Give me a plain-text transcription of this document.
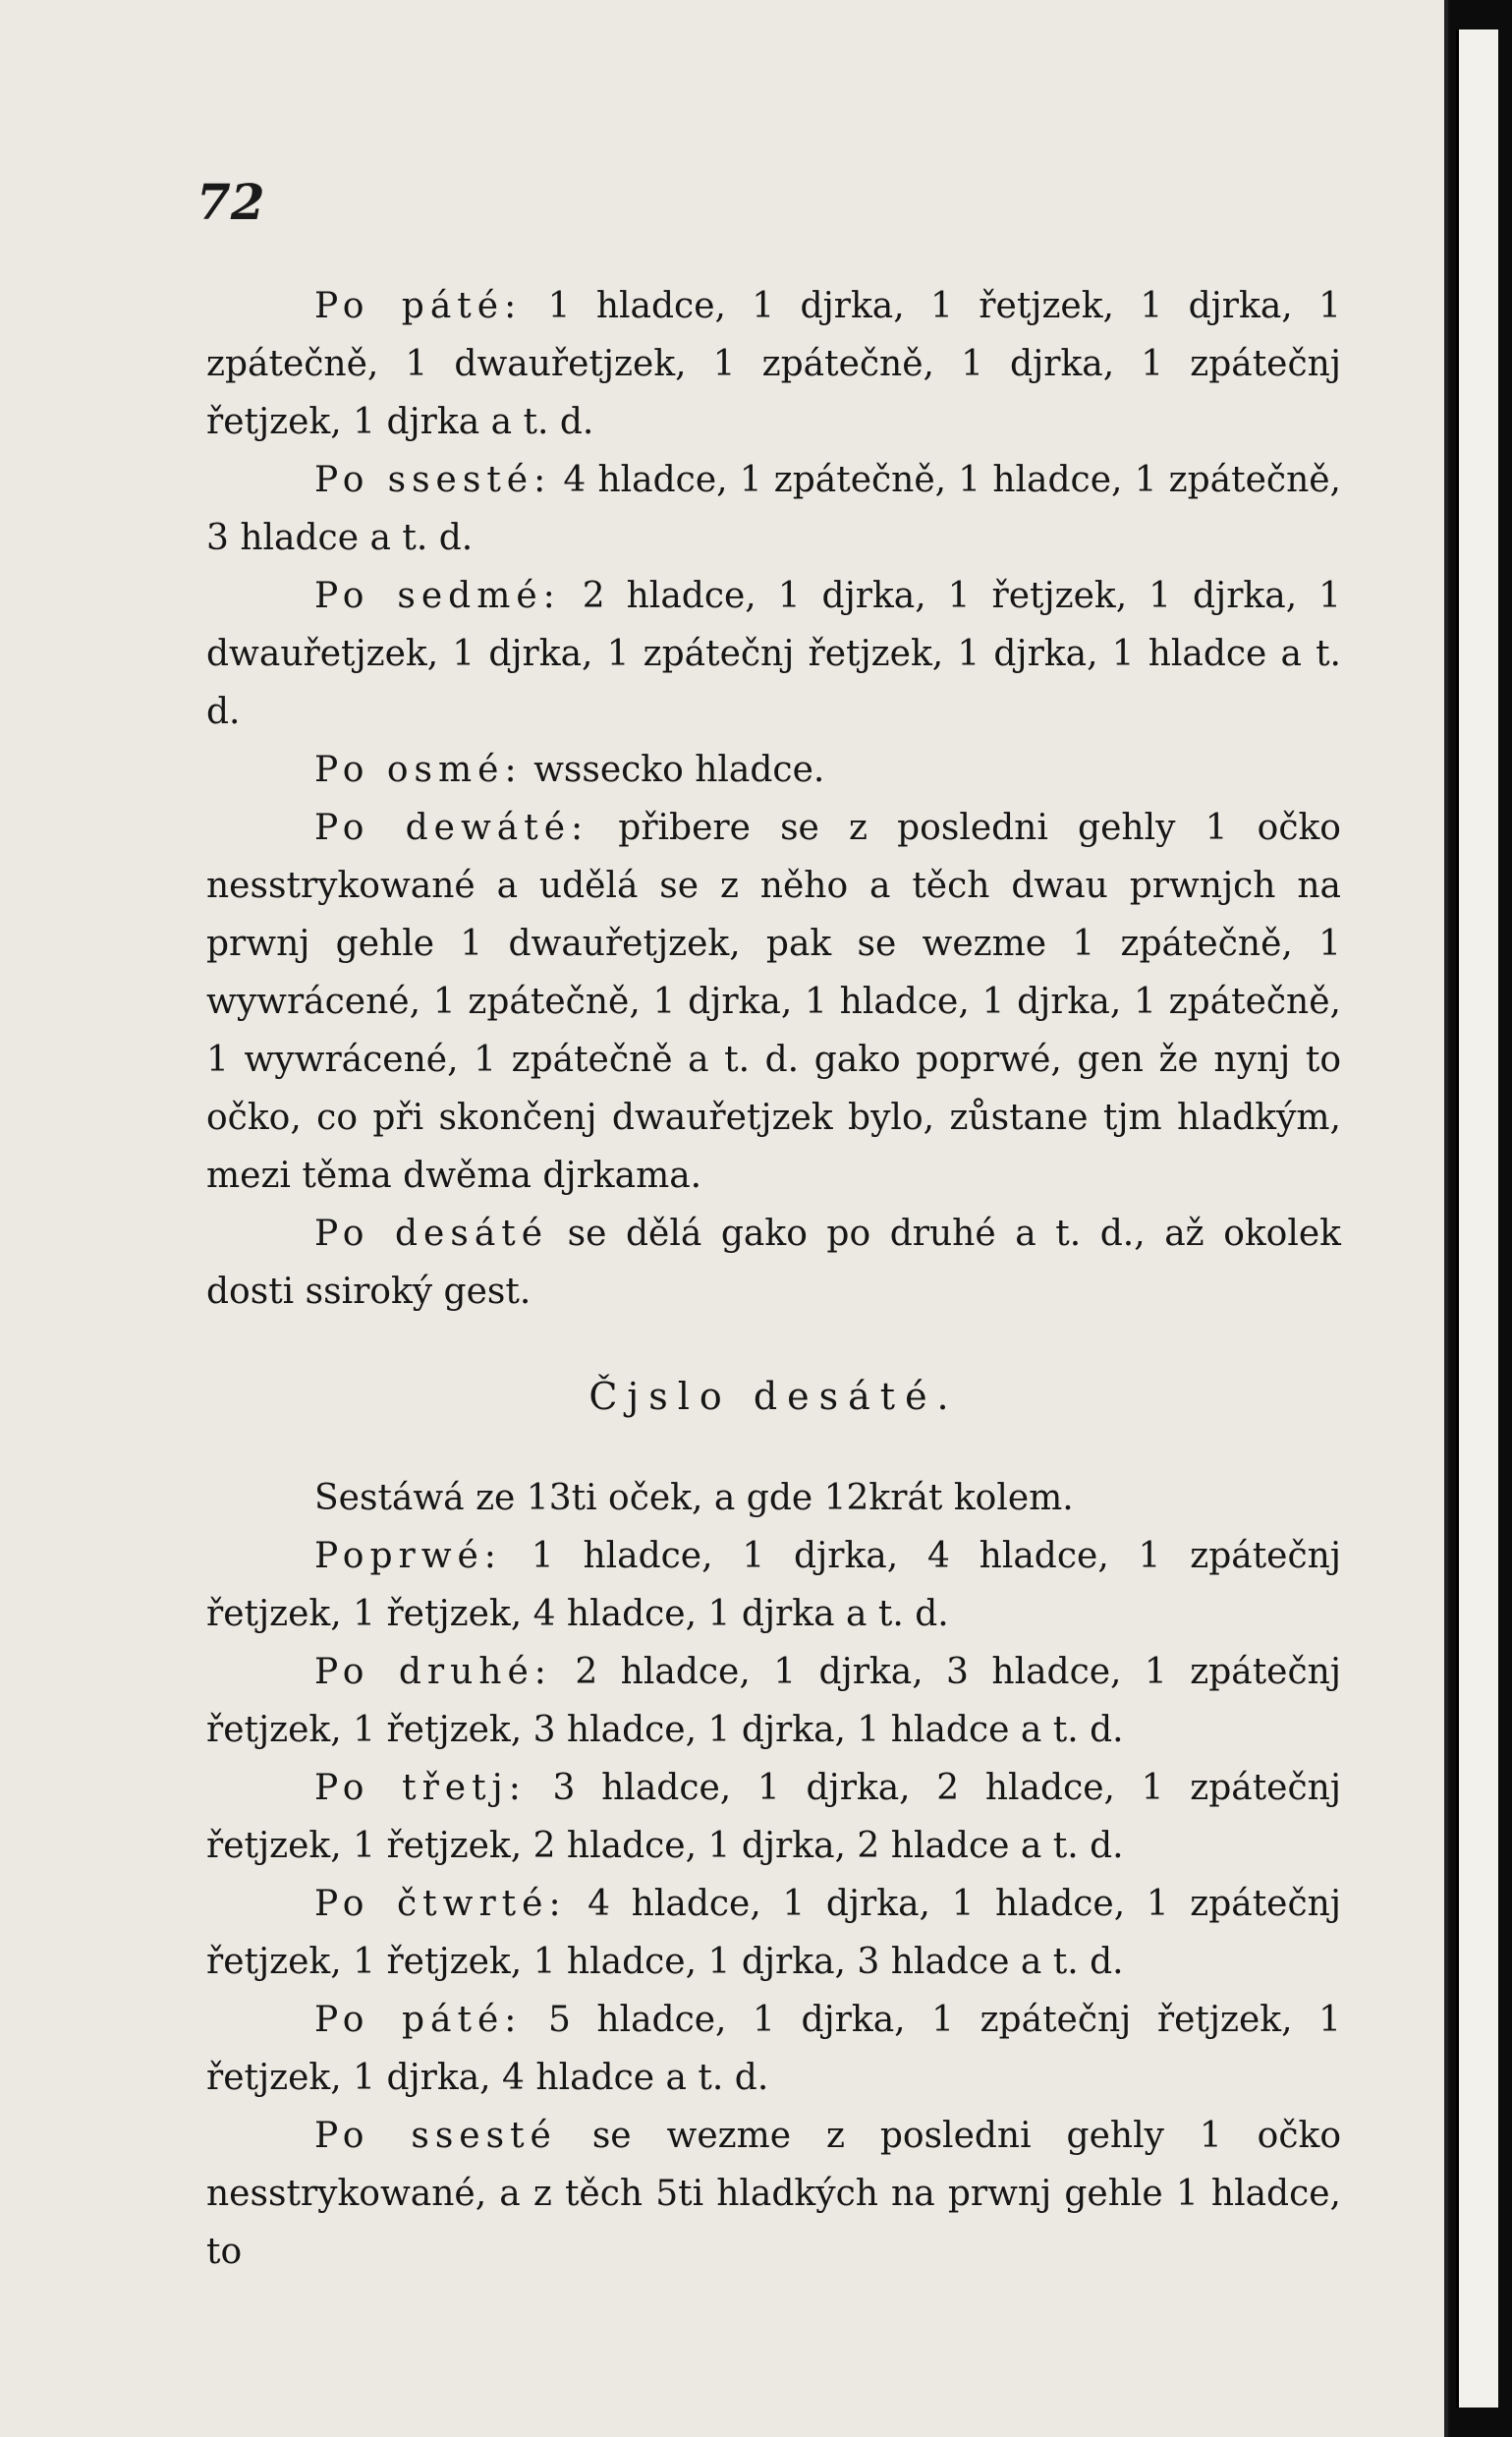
72

Po páté: 1 hladce, 1 djrka, 1 řetjzek, 1 djrka, 1 zpátečně, 1 dwauřetjzek, 1 zpátečně, 1 djrka, 1 zpátečnj řetjzek, 1 djrka a t. d.

Po ssesté: 4 hladce, 1 zpátečně, 1 hladce, 1 zpátečně, 3 hladce a t. d.

Po sedmé: 2 hladce, 1 djrka, 1 řetjzek, 1 djrka, 1 dwauřetjzek, 1 djrka, 1 zpátečnj řetjzek, 1 djrka, 1 hladce a t. d.

Po osmé: wssecko hladce.

Po dewáté: přibere se z posledni gehly 1 očko nesstrykowané a udělá se z něho a těch dwau prwnjch na prwnj gehle 1 dwauřetjzek, pak se wezme 1 zpátečně, 1 wywrácené, 1 zpátečně, 1 djrka, 1 hladce, 1 djrka, 1 zpátečně, 1 wywrácené, 1 zpátečně a t. d. gako poprwé, gen že nynj to očko, co při skončenj dwauřetjzek bylo, zůstane tjm hladkým, mezi těma dwěma djrkama.

Po desáté se dělá gako po druhé a t. d., až okolek dosti ssiroký gest.

Čjslo desáté.

Sestáwá ze 13ti oček, a gde 12krát kolem.

Poprwé: 1 hladce, 1 djrka, 4 hladce, 1 zpátečnj řetjzek, 1 řetjzek, 4 hladce, 1 djrka a t. d.

Po druhé: 2 hladce, 1 djrka, 3 hladce, 1 zpátečnj řetjzek, 1 řetjzek, 3 hladce, 1 djrka, 1 hladce a t. d.

Po třetj: 3 hladce, 1 djrka, 2 hladce, 1 zpátečnj řetjzek, 1 řetjzek, 2 hladce, 1 djrka, 2 hladce a t. d.

Po čtwrté: 4 hladce, 1 djrka, 1 hladce, 1 zpátečnj řetjzek, 1 řetjzek, 1 hladce, 1 djrka, 3 hladce a t. d.

Po páté: 5 hladce, 1 djrka, 1 zpátečnj řetjzek, 1 řetjzek, 1 djrka, 4 hladce a t. d.

Po ssesté se wezme z posledni gehly 1 očko nesstrykowané, a z těch 5ti hladkých na prwnj gehle 1 hladce, to
